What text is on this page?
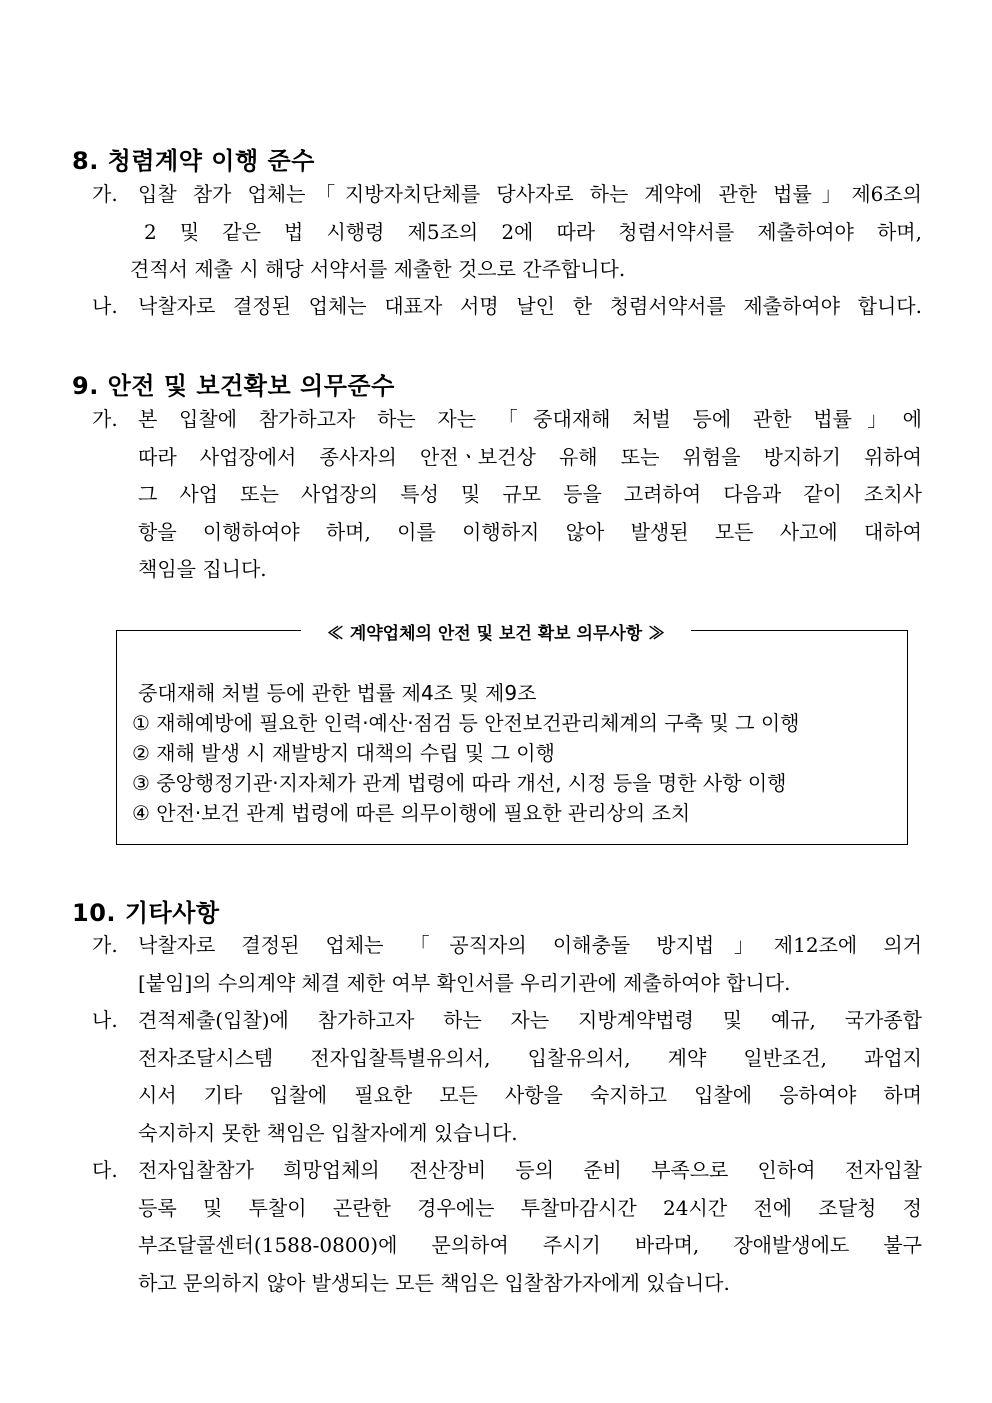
8. 청렴계약 이행 준수
가.	입찰 참가 업체는「지방자치단체를 당사자로 하는 계약에 관한 법률」제6조의
2 및 같은 법 시행령 제5조의 2에 따라 청렴서약서를 제출하여야 하며,
견적서 제출 시 해당 서약서를 제출한 것으로 간주합니다.
나.	낙찰자로 결정된 업체는 대표자 서명 날인 한 청렴서약서를 제출하여야 합니다.
9. 안전 및 보건확보 의무준수
가.	본 입찰에 참가하고자 하는 자는 「중대재해 처벌 등에 관한 법률」에
따라 사업장에서 종사자의 안전ㆍ보건상 유해 또는 위험을 방지하기 위하여
그 사업 또는 사업장의 특성 및 규모 등을 고려하여 다음과 같이 조치사
항을 이행하여야 하며, 이를 이행하지 않아 발생된 모든 사고에 대하여
책임을 집니다.
≪ 계약업체의 안전 및 보건 확보 의무사항 ≫
중대재해 처벌 등에 관한 법률 제4조 및 제9조
① 재해예방에 필요한 인력·예산·점검 등 안전보건관리체계의 구축 및 그 이행
② 재해 발생 시 재발방지 대책의 수립 및 그 이행
③ 중앙행정기관·지자체가 관계 법령에 따라 개선, 시정 등을 명한 사항 이행
④ 안전·보건 관계 법령에 따른 의무이행에 필요한 관리상의 조치
10. 기타사항
가.	낙찰자로 결정된 업체는 「공직자의 이해충돌 방지법」제12조에 의거
[붙임]의 수의계약 체결 제한 여부 확인서를 우리기관에 제출하여야 합니다.
나.	견적제출(입찰)에 참가하고자 하는 자는 지방계약법령 및 예규, 국가종합
전자조달시스템 전자입찰특별유의서, 입찰유의서, 계약 일반조건, 과업지
시서 기타 입찰에 필요한 모든 사항을 숙지하고 입찰에 응하여야 하며
숙지하지 못한 책임은 입찰자에게 있습니다.
다.	전자입찰참가 희망업체의 전산장비 등의 준비 부족으로 인하여 전자입찰
등록 및 투찰이 곤란한 경우에는 투찰마감시간 24시간 전에 조달청 정
부조달콜센터(1588-0800)에 문의하여 주시기 바라며, 장애발생에도 불구
하고 문의하지 않아 발생되는 모든 책임은 입찰참가자에게 있습니다.
